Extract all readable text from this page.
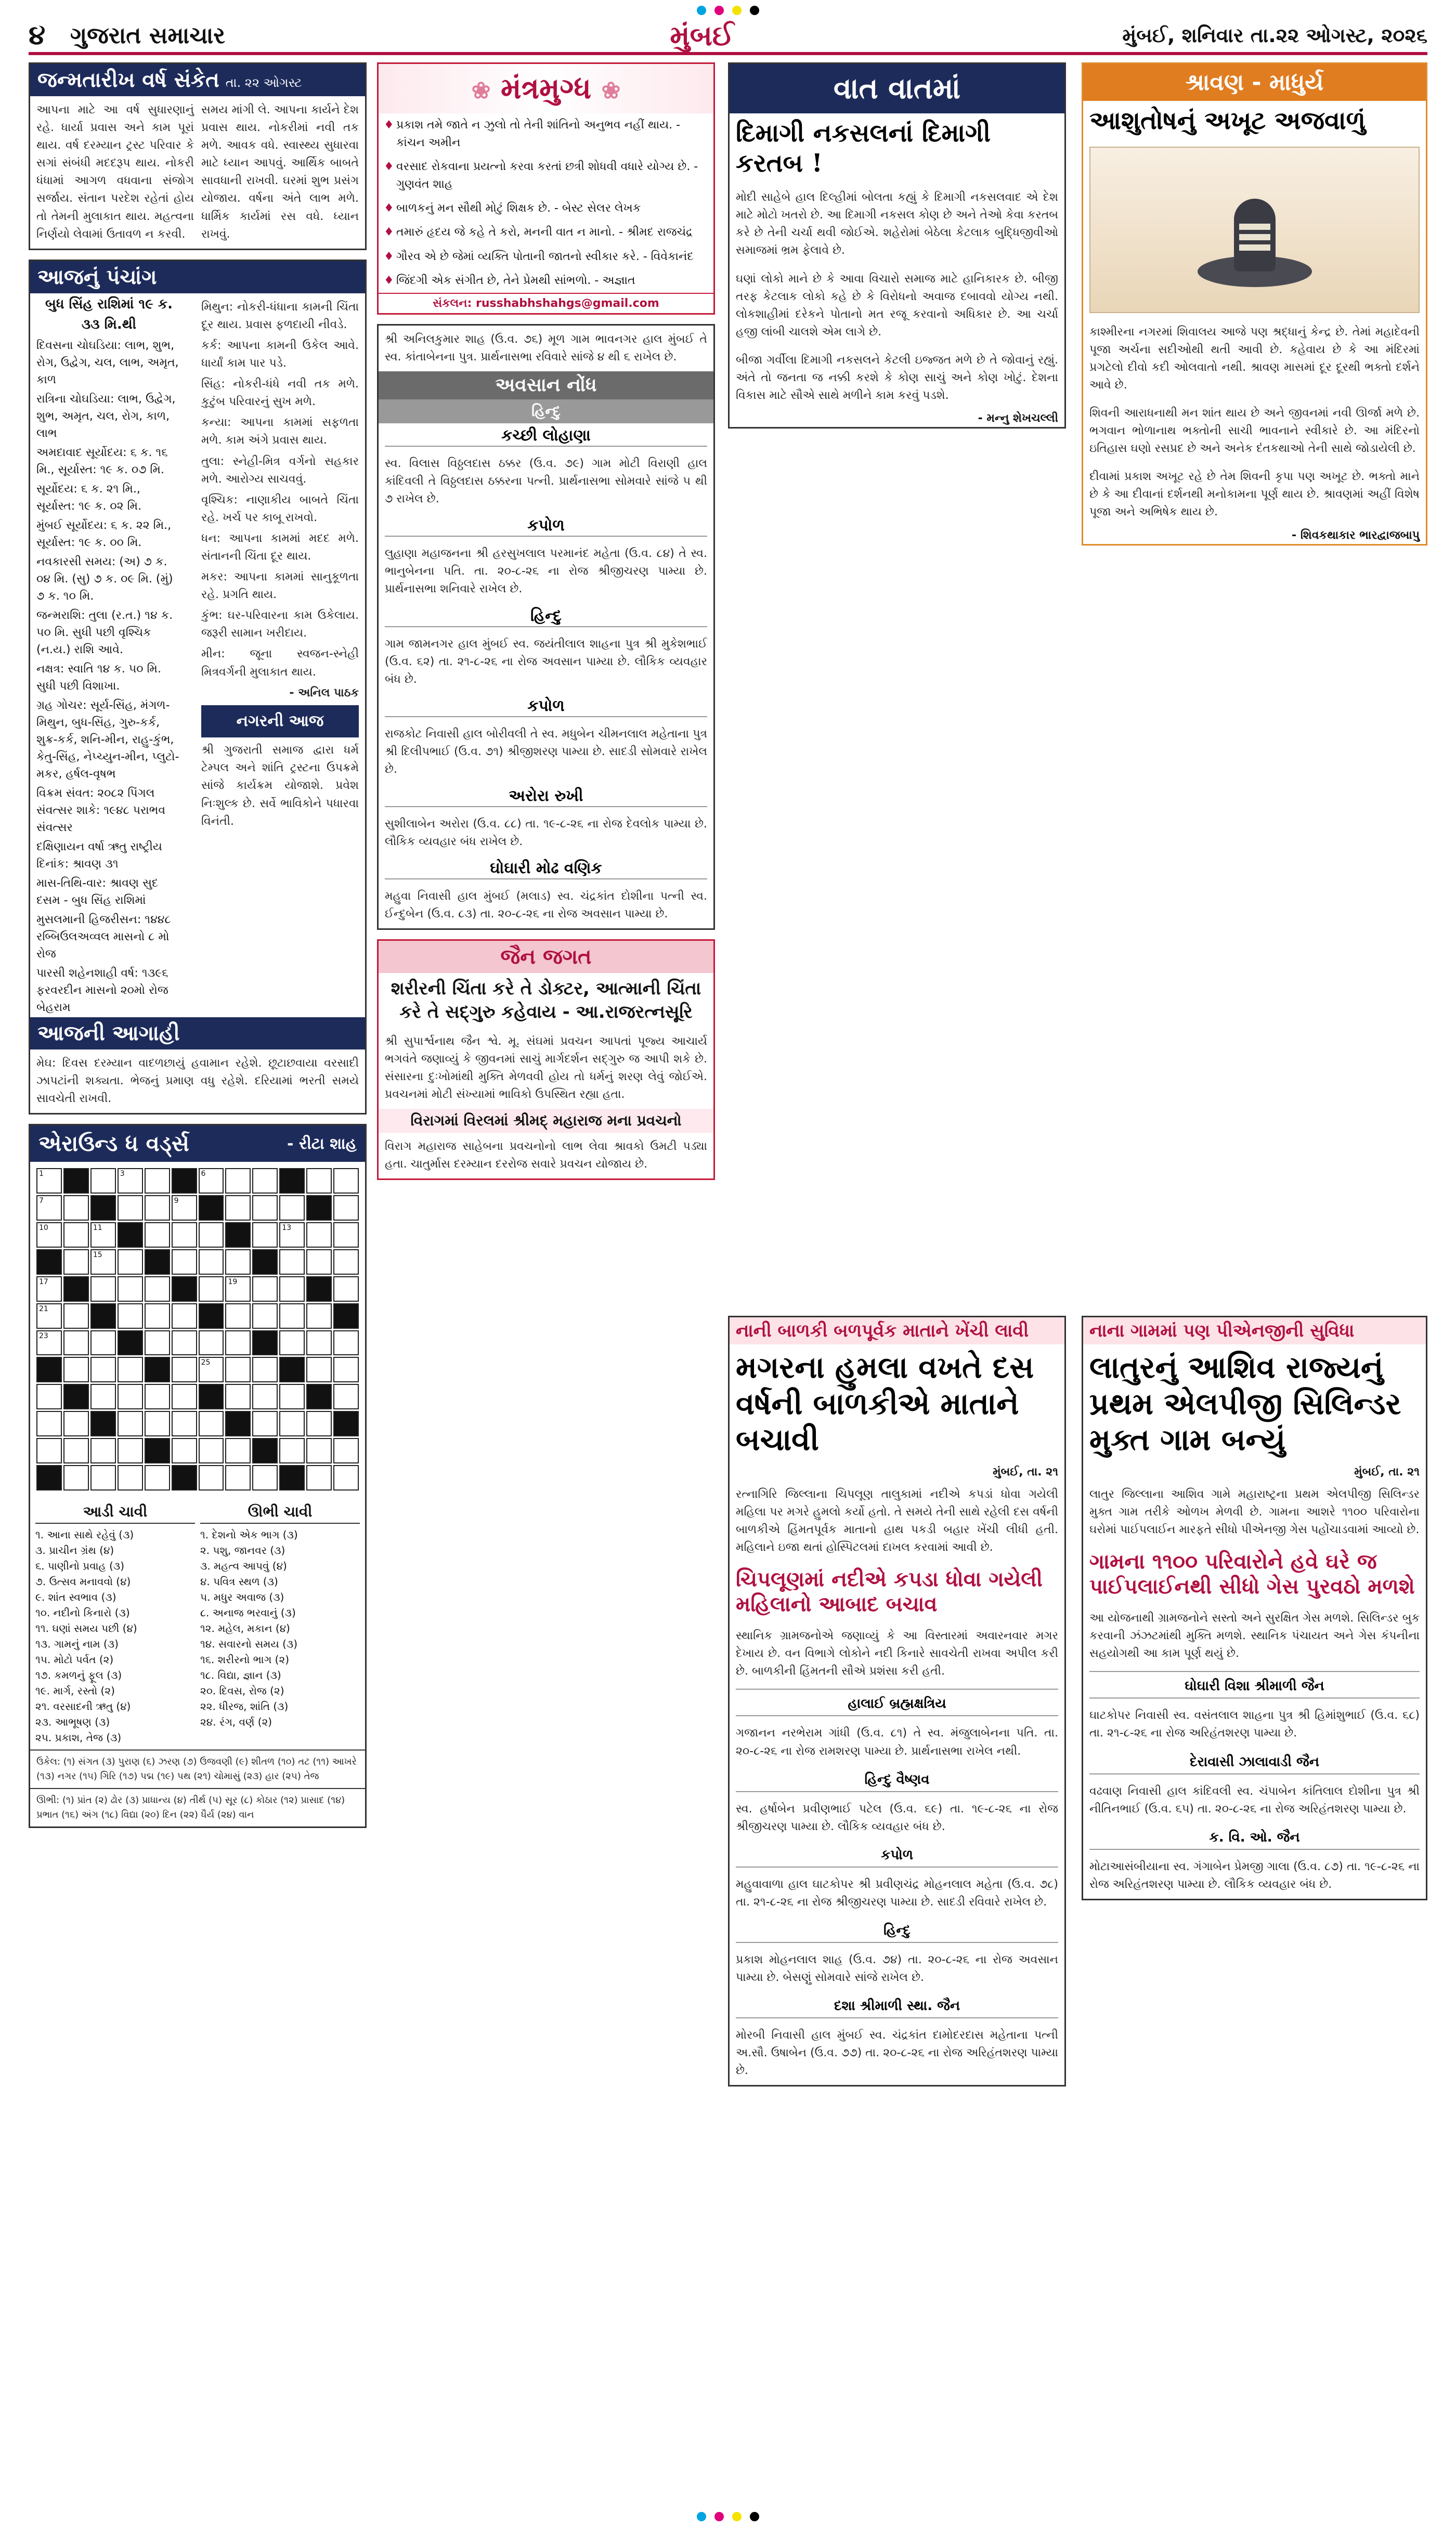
૪	ગુજરાત સમાચાર	મુંબઈ	મુંબઈ, શનિવાર તા.૨૨ ઓગસ્ટ, ૨૦૨૬
જન્મતારીખ વર્ષ સંકેત તા. ૨૨ ઓગસ્ટ
આપના માટે આ વર્ષ સુધારણાનું રહે. ધાર્યા પ્રવાસ અને કામ પૂરાં થાય. વર્ષ દરમ્યાન ટ્રસ્ટ પરિવાર કે સગાં સંબંધી મદદરૂપ થાય. નોકરી ધંધામાં આગળ વધવાના સંજોગ સર્જાય. સંતાન પરદેશ રહેતાં હોય તો તેમની મુલાકાત થાય. મહત્વના નિર્ણયો લેવામાં ઉતાવળ ન કરવી.
સમય માંગી લે. આપના કાર્યને દેશ પ્રવાસ થાય. નોકરીમાં નવી તક મળે. આવક વધે. સ્વાસ્થ્ય સુધારવા માટે ધ્યાન આપવું. આર્થિક બાબતે સાવધાની રાખવી. ઘરમાં શુભ પ્રસંગ યોજાય. વર્ષના અંતે લાભ મળે. ધાર્મિક કાર્યમાં રસ વધે. ધ્યાન રાખવું.
આજનું પંચાંગ
બુધ સિંહ રાશિમાં ૧૯ ક. ૩૩ મિ.થી
દિવસના ચોઘડિયા: લાભ, શુભ, રોગ, ઉદ્વેગ, ચલ, લાભ, અમૃત, કાળ
રાત્રિના ચોઘડિયા: લાભ, ઉદ્વેગ, શુભ, અમૃત, ચલ, રોગ, કાળ, લાભ
અમદાવાદ સૂર્યોદય: ૬ ક. ૧૬ મિ., સૂર્યાસ્ત: ૧૯ ક. ૦૭ મિ.
સૂર્યોદય: ૬ ક. ૨૧ મિ., સૂર્યાસ્ત: ૧૯ ક. ૦૨ મિ.
મુંબઈ સૂર્યોદય: ૬ ક. ૨૨ મિ., સૂર્યાસ્ત: ૧૯ ક. ૦૦ મિ.
નવકારસી સમય: (અ) ૭ ક. ૦૪ મિ. (સુ) ૭ ક. ૦૯ મિ. (મું) ૭ ક. ૧૦ મિ.
જન્મરાશિ: તુલા (ર.ત.) ૧૪ ક. ૫૦ મિ. સુધી પછી વૃશ્ચિક (ન.ય.) રાશિ આવે.
નક્ષત્ર: સ્વાતિ ૧૪ ક. ૫૦ મિ. સુધી પછી વિશાખા.
ગ્રહ ગોચર: સૂર્ય-સિંહ, મંગળ-મિથુન, બુધ-સિંહ, ગુરુ-કર્ક, શુક્ર-કર્ક, શનિ-મીન, રાહુ-કુંભ, કેતુ-સિંહ, નેપ્ચ્યુન-મીન, પ્લુટો-મકર, હર્ષલ-વૃષભ
વિક્રમ સંવત: ૨૦૮૨ પિંગલ સંવત્સર શાકે: ૧૯૪૮ પરાભવ સંવત્સર
દક્ષિણાયન વર્ષા ઋતુ રાષ્ટ્રીય દિનાંક: શ્રાવણ ૩૧
માસ-તિથિ-વાર: શ્રાવણ સુદ દસમ - બુધ સિંહ રાશિમાં
મુસલમાની હિજરીસન: ૧૪૪૮ રબ્બિઉલઅવ્વલ માસનો ૮ મો રોજ
પારસી શહેનશાહી વર્ષ: ૧૩૯૬ ફરવરદીન માસનો ૨૦મો રોજ બેહરામ

મિથુન: નોકરી-ધંધાના કામની ચિંતા દૂર થાય. પ્રવાસ ફળદાયી નીવડે.

કર્ક: આપના કામની ઉકેલ આવે. ધાર્યાં કામ પાર પડે.

સિંહ: નોકરી-ધંધે નવી તક મળે. કુટુંબ પરિવારનું સુખ મળે.

કન્યા: આપના કામમાં સફળતા મળે. કામ અંગે પ્રવાસ થાય.

તુલા: સ્નેહી-મિત્ર વર્ગનો સહકાર મળે. આરોગ્ય સાચવવું.

વૃશ્ચિક: નાણાકીય બાબતે ચિંતા રહે. ખર્ચ પર કાબૂ રાખવો.

ધન: આપના કામમાં મદદ મળે. સંતાનની ચિંતા દૂર થાય.

મકર: આપના કામમાં સાનુકૂળતા રહે. પ્રગતિ થાય.

કુંભ: ઘર-પરિવારના કામ ઉકેલાય. જરૂરી સામાન ખરીદાય.

મીન: જૂના સ્વજન-સ્નેહી મિત્રવર્ગની મુલાકાત થાય.

- અનિલ પાઠક

નગરની આજ

શ્રી ગુજરાતી સમાજ દ્વારા ધર્મ ટેમ્પલ અને શાંતિ ટ્રસ્ટના ઉપક્રમે સાંજે કાર્યક્રમ યોજાશે. પ્રવેશ નિઃશુલ્ક છે. સર્વે ભાવિકોને પધારવા વિનંતી.

આજની આગાહી
મેઘ: દિવસ દરમ્યાન વાદળછાયું હવામાન રહેશે. છૂટાછવાયા વરસાદી ઝાપટાંની શક્યતા. ભેજનું પ્રમાણ વધુ રહેશે. દરિયામાં ભરતી સમયે સાવચેતી રાખવી.
એરાઉન્ડ ધ વર્ડ્સ	- રીટા શાહ
1	3	6
7	9
10	11	13
15
17	19
21
23
25
આડી ચાવી
૧. આના સાથે રહેવું (૩)
૩. પ્રાચીન ગ્રંથ (૪)
૬. પાણીનો પ્રવાહ (૩)
૭. ઉત્સવ મનાવવો (૪)
૯. શાંત સ્વભાવ (૩)
૧૦. નદીનો કિનારો (૩)
૧૧. ઘણાં સમય પછી (૪)
૧૩. ગામનું નામ (૩)
૧૫. મોટો પર્વત (૨)
૧૭. કમળનું ફૂલ (૩)
૧૯. માર્ગ, રસ્તો (૨)
૨૧. વરસાદની ઋતુ (૪)
૨૩. આભૂષણ (૩)
૨૫. પ્રકાશ, તેજ (૩)
ઊભી ચાવી
૧. દેશનો એક ભાગ (૩)
૨. પશુ, જાનવર (૩)
૩. મહત્વ આપવું (૪)
૪. પવિત્ર સ્થળ (૩)
૫. મધુર અવાજ (૩)
૮. અનાજ ભરવાનું (૩)
૧૨. મહેલ, મકાન (૪)
૧૪. સવારનો સમય (૩)
૧૬. શરીરનો ભાગ (૨)
૧૮. વિદ્યા, જ્ઞાન (૩)
૨૦. દિવસ, રોજ (૨)
૨૨. ધીરજ, શાંતિ (૩)
૨૪. રંગ, વર્ણ (૨)
ઉકેલ: (૧) સંગત (૩) પુરાણ (૬) ઝરણ (૭) ઉજવણી (૯) શીતળ (૧૦) તટ (૧૧) આખરે (૧૩) નગર (૧૫) ગિરિ (૧૭) પદ્મ (૧૯) પથ (૨૧) ચોમાસું (૨૩) હાર (૨૫) તેજ
ઊભી: (૧) પ્રાંત (૨) ઢોર (૩) પ્રાધાન્ય (૪) તીર્થ (૫) સૂર (૮) કોઠાર (૧૨) પ્રાસાદ (૧૪) પ્રભાત (૧૬) અંગ (૧૮) વિદ્યા (૨૦) દિન (૨૨) ધૈર્ય (૨૪) વાન
❀ મંત્રમુગ્ધ ❀
♦ પ્રકાશ તમે જાતે ન ઝુલો તો તેની શાંતિનો અનુભવ નહીં થાય. - કાંચન અમીન
♦ વરસાદ રોકવાના પ્રયત્નો કરવા કરતાં છત્રી શોધવી વધારે યોગ્ય છે. - ગુણવંત શાહ
♦ બાળકનું મન સૌથી મોટું શિક્ષક છે. - બેસ્ટ સેલર લેખક
♦ તમારું હૃદય જે કહે તે કરો, મનની વાત ન માનો. - શ્રીમદ રાજચંદ્ર
♦ ગૌરવ એ છે જેમાં વ્યક્તિ પોતાની જાતનો સ્વીકાર કરે. - વિવેકાનંદ
♦ જિંદગી એક સંગીત છે, તેને પ્રેમથી સાંભળો. - અજ્ઞાત
સંકલન: russhabhshahgs@gmail.com
શ્રી અનિલકુમાર શાહ (ઉ.વ. ૭૬) મૂળ ગામ ભાવનગર હાલ મુંબઈ તે સ્વ. કાંતાબેનના પુત્ર. પ્રાર્થનાસભા રવિવારે સાંજે ૪ થી ૬ રાખેલ છે.
અવસાન નોંધ
હિન્દુ
કચ્છી લોહાણા
સ્વ. વિલાસ વિઠ્ઠલદાસ ઠક્કર (ઉ.વ. ૭૯) ગામ મોટી વિરાણી હાલ કાંદિવલી તે વિઠ્ઠલદાસ ઠક્કરના પત્ની. પ્રાર્થનાસભા સોમવારે સાંજે ૫ થી ૭ રાખેલ છે.
કપોળ
લુહાણા મહાજનના શ્રી હરસુખલાલ પરમાનંદ મહેતા (ઉ.વ. ૮૪) તે સ્વ. ભાનુબેનના પતિ. તા. ૨૦-૮-૨૬ ના રોજ શ્રીજીચરણ પામ્યા છે. પ્રાર્થનાસભા શનિવારે રાખેલ છે.
હિન્દુ
ગામ જામનગર હાલ મુંબઈ સ્વ. જયંતીલાલ શાહના પુત્ર શ્રી મુકેશભાઈ (ઉ.વ. ૬૨) તા. ૨૧-૮-૨૬ ના રોજ અવસાન પામ્યા છે. લૌકિક વ્યવહાર બંધ છે.
કપોળ
રાજકોટ નિવાસી હાલ બોરીવલી તે સ્વ. મધુબેન ચીમનલાલ મહેતાના પુત્ર શ્રી દિલીપભાઈ (ઉ.વ. ૭૧) શ્રીજીશરણ પામ્યા છે. સાદડી સોમવારે રાખેલ છે.
અરોરા રુખી
સુશીલાબેન અરોરા (ઉ.વ. ૮૮) તા. ૧૯-૮-૨૬ ના રોજ દેવલોક પામ્યા છે. લૌકિક વ્યવહાર બંધ રાખેલ છે.
ઘોઘારી મોઢ વણિક
મહુવા નિવાસી હાલ મુંબઈ (મલાડ) સ્વ. ચંદ્રકાંત દોશીના પત્ની સ્વ. ઈન્દુબેન (ઉ.વ. ૮૩) તા. ૨૦-૮-૨૬ ના રોજ અવસાન પામ્યા છે.
જૈન જગત
શરીરની ચિંતા કરે તે ડોક્ટર, આત્માની ચિંતા કરે તે સદ્ગુરુ કહેવાય - આ.રાજરત્નસૂરિ
શ્રી સુપાર્શ્વનાથ જૈન શ્વે. મૂ. સંઘમાં પ્રવચન આપતાં પૂજ્ય આચાર્ય ભગવંતે જણાવ્યું કે જીવનમાં સાચું માર્ગદર્શન સદ્ગુરુ જ આપી શકે છે. સંસારના દુઃખોમાંથી મુક્તિ મેળવવી હોય તો ધર્મનું શરણ લેવું જોઈએ. પ્રવચનમાં મોટી સંખ્યામાં ભાવિકો ઉપસ્થિત રહ્યા હતા.
વિરાગમાં વિરલમાં શ્રીમદ્ મહારાજ મના પ્રવચનો
વિરાગ મહારાજ સાહેબના પ્રવચનોનો લાભ લેવા શ્રાવકો ઉમટી પડ્યા હતા. ચાતુર્માસ દરમ્યાન દરરોજ સવારે પ્રવચન યોજાય છે.
વાત વાતમાં
દિમાગી નકસલનાં દિમાગી કરતબ !
મોદી સાહેબે હાલ દિલ્હીમાં બોલતા કહ્યું કે દિમાગી નકસલવાદ એ દેશ માટે મોટો ખતરો છે. આ દિમાગી નકસલ કોણ છે અને તેઓ કેવા કરતબ કરે છે તેની ચર્ચા થવી જોઈએ. શહેરોમાં બેઠેલા કેટલાક બુદ્ધિજીવીઓ સમાજમાં ભ્રમ ફેલાવે છે.
ઘણાં લોકો માને છે કે આવા વિચારો સમાજ માટે હાનિકારક છે. બીજી તરફ કેટલાક લોકો કહે છે કે વિરોધનો અવાજ દબાવવો યોગ્ય નથી. લોકશાહીમાં દરેકને પોતાનો મત રજૂ કરવાનો અધિકાર છે. આ ચર્ચા હજી લાંબી ચાલશે એમ લાગે છે.
બીજા ગર્વીલા દિમાગી નકસલને કેટલી ઇજ્જત મળે છે તે જોવાનું રહ્યું. અંતે તો જનતા જ નક્કી કરશે કે કોણ સાચું અને કોણ ખોટું. દેશના વિકાસ માટે સૌએ સાથે મળીને કામ કરવું પડશે.
- મન્નુ શેખચલ્લી
શ્રાવણ - માધુર્ય
આશુતોષનું અખૂટ અજવાળું
કાશ્મીરના નગરમાં શિવાલય આજે પણ શ્રદ્ધાનું કેન્દ્ર છે. તેમાં મહાદેવની પૂજા અર્ચના સદીઓથી થતી આવી છે. કહેવાય છે કે આ મંદિરમાં પ્રગટેલો દીવો કદી ઓલવાતો નથી. શ્રાવણ માસમાં દૂર દૂરથી ભક્તો દર્શને આવે છે.
શિવની આરાધનાથી મન શાંત થાય છે અને જીવનમાં નવી ઊર્જા મળે છે. ભગવાન ભોળાનાથ ભક્તોની સાચી ભાવનાને સ્વીકારે છે. આ મંદિરનો ઇતિહાસ ઘણો રસપ્રદ છે અને અનેક દંતકથાઓ તેની સાથે જોડાયેલી છે.
દીવામાં પ્રકાશ અખૂટ રહે છે તેમ શિવની કૃપા પણ અખૂટ છે. ભક્તો માને છે કે આ દીવાનાં દર્શનથી મનોકામના પૂર્ણ થાય છે. શ્રાવણમાં અહીં વિશેષ પૂજા અને અભિષેક થાય છે.
- શિવકથાકાર ભારદ્વાજબાપુ
નાની બાળકી બળપૂર્વક માતાને ખેંચી લાવી
મગરના હુમલા વખતે દસ વર્ષની બાળકીએ માતાને બચાવી
મુંબઈ, તા. ૨૧
રત્નાગિરિ જિલ્લાના ચિપલૂણ તાલુકામાં નદીએ કપડાં ધોવા ગયેલી મહિલા પર મગરે હુમલો કર્યો હતો. તે સમયે તેની સાથે રહેલી દસ વર્ષની બાળકીએ હિંમતપૂર્વક માતાનો હાથ પકડી બહાર ખેંચી લીધી હતી. મહિલાને ઇજા થતાં હોસ્પિટલમાં દાખલ કરવામાં આવી છે.
ચિપલૂણમાં નદીએ કપડા ધોવા ગયેલી મહિલાનો આબાદ બચાવ
સ્થાનિક ગ્રામજનોએ જણાવ્યું કે આ વિસ્તારમાં અવારનવાર મગર દેખાય છે. વન વિભાગે લોકોને નદી કિનારે સાવચેતી રાખવા અપીલ કરી છે. બાળકીની હિંમતની સૌએ પ્રશંસા કરી હતી.
હાલાઈ બ્રહ્મક્ષત્રિય
ગજાનન નરભેરામ ગાંધી (ઉ.વ. ૮૧) તે સ્વ. મંજુલાબેનના પતિ. તા. ૨૦-૮-૨૬ ના રોજ રામશરણ પામ્યા છે. પ્રાર્થનાસભા રાખેલ નથી.
હિન્દુ વૈષ્ણવ
સ્વ. હર્ષાબેન પ્રવીણભાઈ પટેલ (ઉ.વ. ૬૯) તા. ૧૯-૮-૨૬ ના રોજ શ્રીજીચરણ પામ્યા છે. લૌકિક વ્યવહાર બંધ છે.
કપોળ
મહુવાવાળા હાલ ઘાટકોપર શ્રી પ્રવીણચંદ્ર મોહનલાલ મહેતા (ઉ.વ. ૭૮) તા. ૨૧-૮-૨૬ ના રોજ શ્રીજીચરણ પામ્યા છે. સાદડી રવિવારે રાખેલ છે.
હિન્દુ
પ્રકાશ મોહનલાલ શાહ (ઉ.વ. ૭૪) તા. ૨૦-૮-૨૬ ના રોજ અવસાન પામ્યા છે. બેસણું સોમવારે સાંજે રાખેલ છે.
દશા શ્રીમાળી સ્થા. જૈન
મોરબી નિવાસી હાલ મુંબઈ સ્વ. ચંદ્રકાંત દામોદરદાસ મહેતાના પત્ની અ.સૌ. ઉષાબેન (ઉ.વ. ૭૭) તા. ૨૦-૮-૨૬ ના રોજ અરિહંતશરણ પામ્યા છે.
નાના ગામમાં પણ પીએનજીની સુવિધા
લાતુરનું આશિવ રાજ્યનું પ્રથમ એલપીજી સિલિન્ડર મુક્ત ગામ બન્યું
મુંબઈ, તા. ૨૧
લાતુર જિલ્લાના આશિવ ગામે મહારાષ્ટ્રના પ્રથમ એલપીજી સિલિન્ડર મુક્ત ગામ તરીકે ઓળખ મેળવી છે. ગામના આશરે ૧૧૦૦ પરિવારોના ઘરોમાં પાઈપલાઈન મારફતે સીધો પીએનજી ગેસ પહોંચાડવામાં આવ્યો છે.
ગામના ૧૧૦૦ પરિવારોને હવે ઘરે જ પાઈપલાઈનથી સીધો ગેસ પુરવઠો મળશે
આ યોજનાથી ગ્રામજનોને સસ્તો અને સુરક્ષિત ગેસ મળશે. સિલિન્ડર બુક કરવાની ઝંઝટમાંથી મુક્તિ મળશે. સ્થાનિક પંચાયત અને ગેસ કંપનીના સહયોગથી આ કામ પૂર્ણ થયું છે.
ઘોઘારી વિશા શ્રીમાળી જૈન
ઘાટકોપર નિવાસી સ્વ. વસંતલાલ શાહના પુત્ર શ્રી હિમાંશુભાઈ (ઉ.વ. ૬૮) તા. ૨૧-૮-૨૬ ના રોજ અરિહંતશરણ પામ્યા છે.
દેરાવાસી ઝાલાવાડી જૈન
વઢવાણ નિવાસી હાલ કાંદિવલી સ્વ. ચંપાબેન કાંતિલાલ દોશીના પુત્ર શ્રી નીતિનભાઈ (ઉ.વ. ૬૫) તા. ૨૦-૮-૨૬ ના રોજ અરિહંતશરણ પામ્યા છે.
ક. વિ. ઓ. જૈન
મોટાઆસંબીયાના સ્વ. ગંગાબેન પ્રેમજી ગાલા (ઉ.વ. ૮૭) તા. ૧૯-૮-૨૬ ના રોજ અરિહંતશરણ પામ્યા છે. લૌકિક વ્યવહાર બંધ છે.
